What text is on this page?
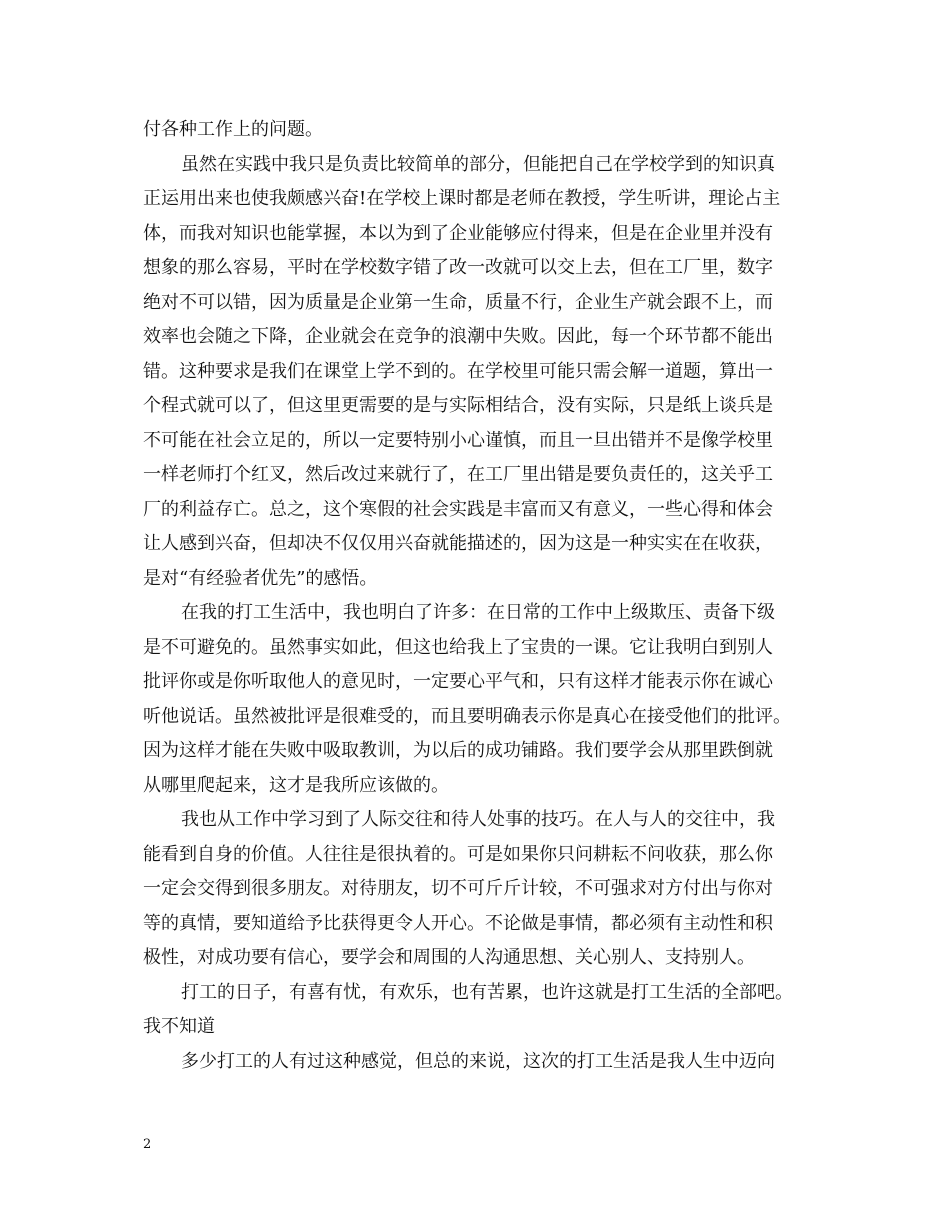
付各种工作上的问题。
虽然在实践中我只是负责比较简单的部分，但能把自己在学校学到的知识真
正运用出来也使我颇感兴奋!在学校上课时都是老师在教授，学生听讲，理论占主
体，而我对知识也能掌握，本以为到了企业能够应付得来，但是在企业里并没有
想象的那么容易，平时在学校数字错了改一改就可以交上去，但在工厂里，数字
绝对不可以错，因为质量是企业第一生命，质量不行，企业生产就会跟不上，而
效率也会随之下降，企业就会在竞争的浪潮中失败。因此，每一个环节都不能出
错。这种要求是我们在课堂上学不到的。在学校里可能只需会解一道题，算出一
个程式就可以了，但这里更需要的是与实际相结合，没有实际，只是纸上谈兵是
不可能在社会立足的，所以一定要特别小心谨慎，而且一旦出错并不是像学校里
一样老师打个红叉，然后改过来就行了，在工厂里出错是要负责任的，这关乎工
厂的利益存亡。总之，这个寒假的社会实践是丰富而又有意义，一些心得和体会
让人感到兴奋，但却决不仅仅用兴奋就能描述的，因为这是一种实实在在收获，
是对“有经验者优先”的感悟。
在我的打工生活中，我也明白了许多：在日常的工作中上级欺压、责备下级
是不可避免的。虽然事实如此，但这也给我上了宝贵的一课。它让我明白到别人
批评你或是你听取他人的意见时，一定要心平气和，只有这样才能表示你在诚心
听他说话。虽然被批评是很难受的，而且要明确表示你是真心在接受他们的批评。
因为这样才能在失败中吸取教训，为以后的成功铺路。我们要学会从那里跌倒就
从哪里爬起来，这才是我所应该做的。
我也从工作中学习到了人际交往和待人处事的技巧。在人与人的交往中，我
能看到自身的价值。人往往是很执着的。可是如果你只问耕耘不问收获，那么你
一定会交得到很多朋友。对待朋友，切不可斤斤计较，不可强求对方付出与你对
等的真情，要知道给予比获得更令人开心。不论做是事情，都必须有主动性和积
极性，对成功要有信心，要学会和周围的人沟通思想、关心别人、支持别人。
打工的日子，有喜有忧，有欢乐，也有苦累，也许这就是打工生活的全部吧。
我不知道
多少打工的人有过这种感觉，但总的来说，这次的打工生活是我人生中迈向
2
